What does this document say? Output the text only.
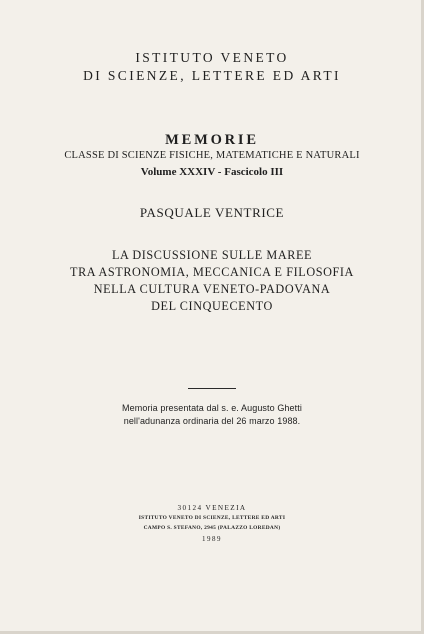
ISTITUTO VENETO
DI SCIENZE, LETTERE ED ARTI
MEMORIE
CLASSE DI SCIENZE FISICHE, MATEMATICHE E NATURALI
Volume XXXIV - Fascicolo III
PASQUALE VENTRICE
LA DISCUSSIONE SULLE MAREE
TRA ASTRONOMIA, MECCANICA E FILOSOFIA
NELLA CULTURA VENETO-PADOVANA
DEL CINQUECENTO
Memoria presentata dal s. e. Augusto Ghetti
nell'adunanza ordinaria del 26 marzo 1988.
30124 VENEZIA
ISTITUTO VENETO DI SCIENZE, LETTERE ED ARTI
CAMPO S. STEFANO, 2945 (PALAZZO LOREDAN)
1989
